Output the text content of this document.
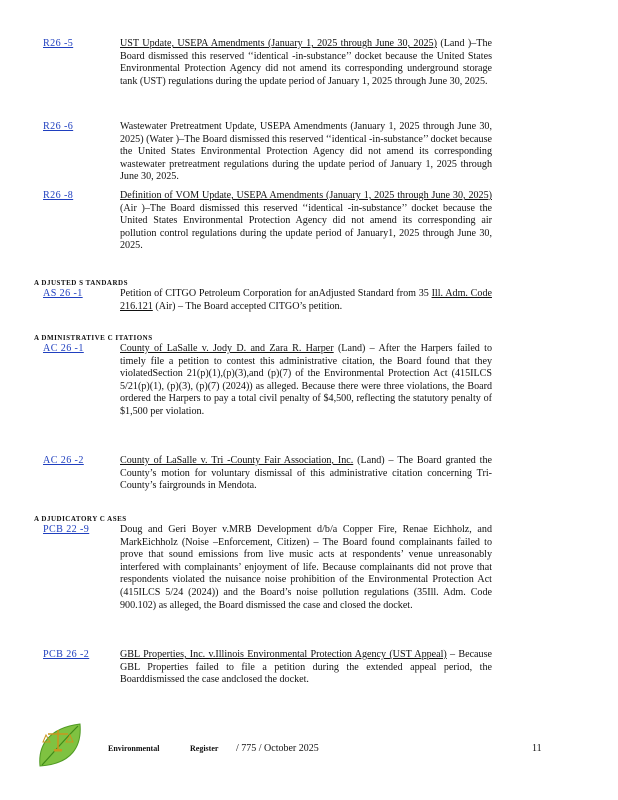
R26 -5	UST Update, USEPA Amendments (January 1, 2025 through June 30, 2025) (Land )–The Board dismissed this reserved ‘‘identical -in-substance’’ docket because the United States Environmental Protection Agency did not amend its corresponding underground storage tank (UST) regulations during the update period of January 1, 2025 through June 30, 2025.
R26 -6	Wastewater Pretreatment Update, USEPA Amendments (January 1, 2025 through June 30, 2025) (Water )–The Board dismissed this reserved ‘‘identical -in-substance’’ docket because the United States Environmental Protection Agency did not amend its corresponding wastewater pretreatment regulations during the update period of January 1, 2025 through June 30, 2025.
R26 -8	Definition of VOM Update, USEPA Amendments (January 1, 2025 through June 30, 2025) (Air )–The Board dismissed this reserved ‘‘identical -in-substance’’ docket because the United States Environmental Protection Agency did not amend its corresponding air pollution control regulations during the update period of January1, 2025 through June 30, 2025.
A DJUSTED S TANDARDS
AS 26 -1	Petition of CITGO Petroleum Corporation for anAdjusted Standard from 35 Ill. Adm. Code 216.121 (Air) – The Board accepted CITGO’s petition.
A DMINISTRATIVE C ITATIONS
AC 26 -1	County of LaSalle v. Jody D. and Zara R. Harper (Land) – After the Harpers failed to timely file a petition to contest this administrative citation, the Board found that they violatedSection 21(p)(1),(p)(3),and (p)(7) of the Environmental Protection Act (415ILCS 5/21(p)(1), (p)(3), (p)(7) (2024)) as alleged. Because there were three violations, the Board ordered the Harpers to pay a total civil penalty of $4,500, reflecting the statutory penalty of $1,500 per violation.
AC 26 -2	County of LaSalle v. Tri -County Fair Association, Inc. (Land) – The Board granted the County’s motion for voluntary dismissal of this administrative citation concerning Tri-County’s fairgrounds in Mendota.
A DJUDICATORY C ASES
PCB 22 -9	Doug and Geri Boyer v.MRB Development d/b/a Copper Fire, Renae Eichholz, and MarkEichholz (Noise –Enforcement, Citizen) – The Board found complainants failed to prove that sound emissions from live music acts at respondents’ venue unreasonably interfered with complainants’ enjoyment of life. Because complainants did not prove that respondents violated the nuisance noise prohibition of the Environmental Protection Act (415ILCS 5/24 (2024)) and the Board’s noise pollution regulations (35Ill. Adm. Code 900.102) as alleged, the Board dismissed the case and closed the docket.
PCB 26 -2	GBL Properties, Inc. v.Illinois Environmental Protection Agency (UST Appeal) – Because GBL Properties failed to file a petition during the extended appeal period, the Boarddismissed the case andclosed the docket.
Environmental	Register / 775 / October 2025	11
